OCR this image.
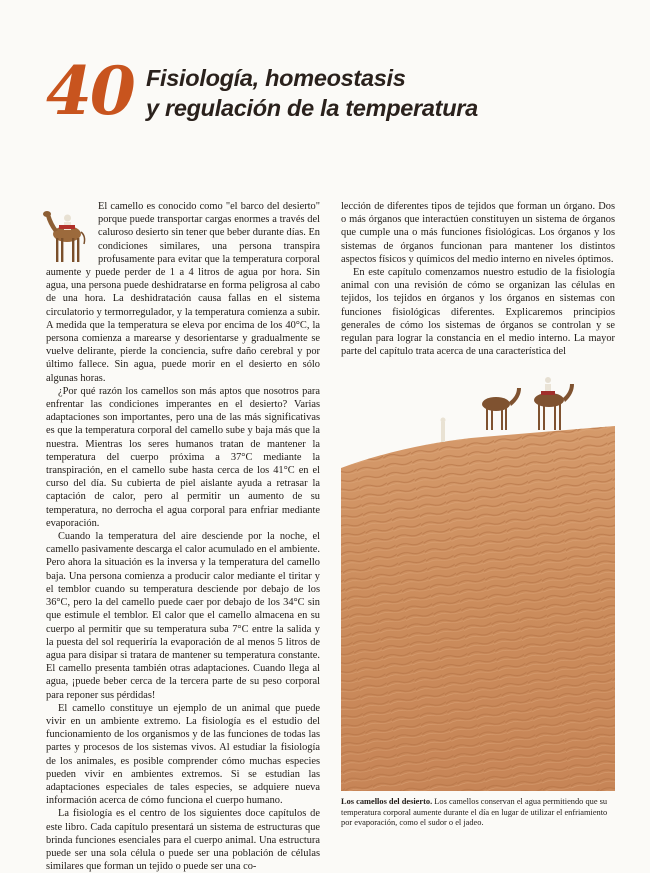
40 Fisiología, homeostasis
y regulación de la temperatura

El camello es conocido como "el barco del desierto" porque puede transportar cargas enormes a través del caluroso desierto sin tener que beber durante días. En condiciones similares, una persona transpira profusamente para evitar que la temperatura corporal aumente y puede perder de 1 a 4 litros de agua por hora. Sin agua, una persona puede deshidratarse en forma peligrosa al cabo de una hora. La deshidratación causa fallas en el sistema circulatorio y termorregulador, y la temperatura comienza a subir. A medida que la temperatura se eleva por encima de los 40°C, la persona comienza a marearse y desorientarse y gradualmente se vuelve delirante, pierde la conciencia, sufre daño cerebral y por último fallece. Sin agua, puede morir en el desierto en sólo algunas horas.

¿Por qué razón los camellos son más aptos que nosotros para enfrentar las condiciones imperantes en el desierto? Varias adaptaciones son importantes, pero una de las más significativas es que la temperatura corporal del camello sube y baja más que la nuestra. Mientras los seres humanos tratan de mantener la temperatura del cuerpo próxima a 37°C mediante la transpiración, en el camello sube hasta cerca de los 41°C en el curso del día. Su cubierta de piel aislante ayuda a retrasar la captación de calor, pero al permitir un aumento de su temperatura, no derrocha el agua corporal para enfriar mediante evaporación.

Cuando la temperatura del aire desciende por la noche, el camello pasivamente descarga el calor acumulado en el ambiente. Pero ahora la situación es la inversa y la temperatura del camello baja. Una persona comienza a producir calor mediante el tiritar y el temblor cuando su temperatura desciende por debajo de los 36°C, pero la del camello puede caer por debajo de los 34°C sin que estimule el temblor. El calor que el camello almacena en su cuerpo al permitir que su temperatura suba 7°C entre la salida y la puesta del sol requeriría la evaporación de al menos 5 litros de agua para disipar si tratara de mantener su temperatura constante. El camello presenta también otras adaptaciones. Cuando llega al agua, ¡puede beber cerca de la tercera parte de su peso corporal para reponer sus pérdidas!

El camello constituye un ejemplo de un animal que puede vivir en un ambiente extremo. La fisiología es el estudio del funcionamiento de los organismos y de las funciones de todas las partes y procesos de los sistemas vivos. Al estudiar la fisiología de los animales, es posible comprender cómo muchas especies pueden vivir en ambientes extremos. Si se estudian las adaptaciones especiales de tales especies, se adquiere nueva información acerca de cómo funciona el cuerpo humano.

La fisiología es el centro de los siguientes doce capítulos de este libro. Cada capítulo presentará un sistema de estructuras que brinda funciones esenciales para el cuerpo animal. Una estructura puede ser una sola célula o puede ser una población de células similares que forman un tejido o puede ser una co-

lección de diferentes tipos de tejidos que forman un órgano. Dos o más órganos que interactúen constituyen un sistema de órganos que cumple una o más funciones fisiológicas. Los órganos y los sistemas de órganos funcionan para mantener los distintos aspectos físicos y químicos del medio interno en niveles óptimos.

En este capítulo comenzamos nuestro estudio de la fisiología animal con una revisión de cómo se organizan las células en tejidos, los tejidos en órganos y los órganos en sistemas con funciones fisiológicas diferentes. Explicaremos principios generales de cómo los sistemas de órganos se controlan y se regulan para lograr la constancia en el medio interno. La mayor parte del capítulo trata acerca de una característica del

Los camellos del desierto. Los camellos conservan el agua permitiendo que su temperatura corporal aumente durante el día en lugar de utilizar el enfriamiento por evaporación, como el sudor o el jadeo.
